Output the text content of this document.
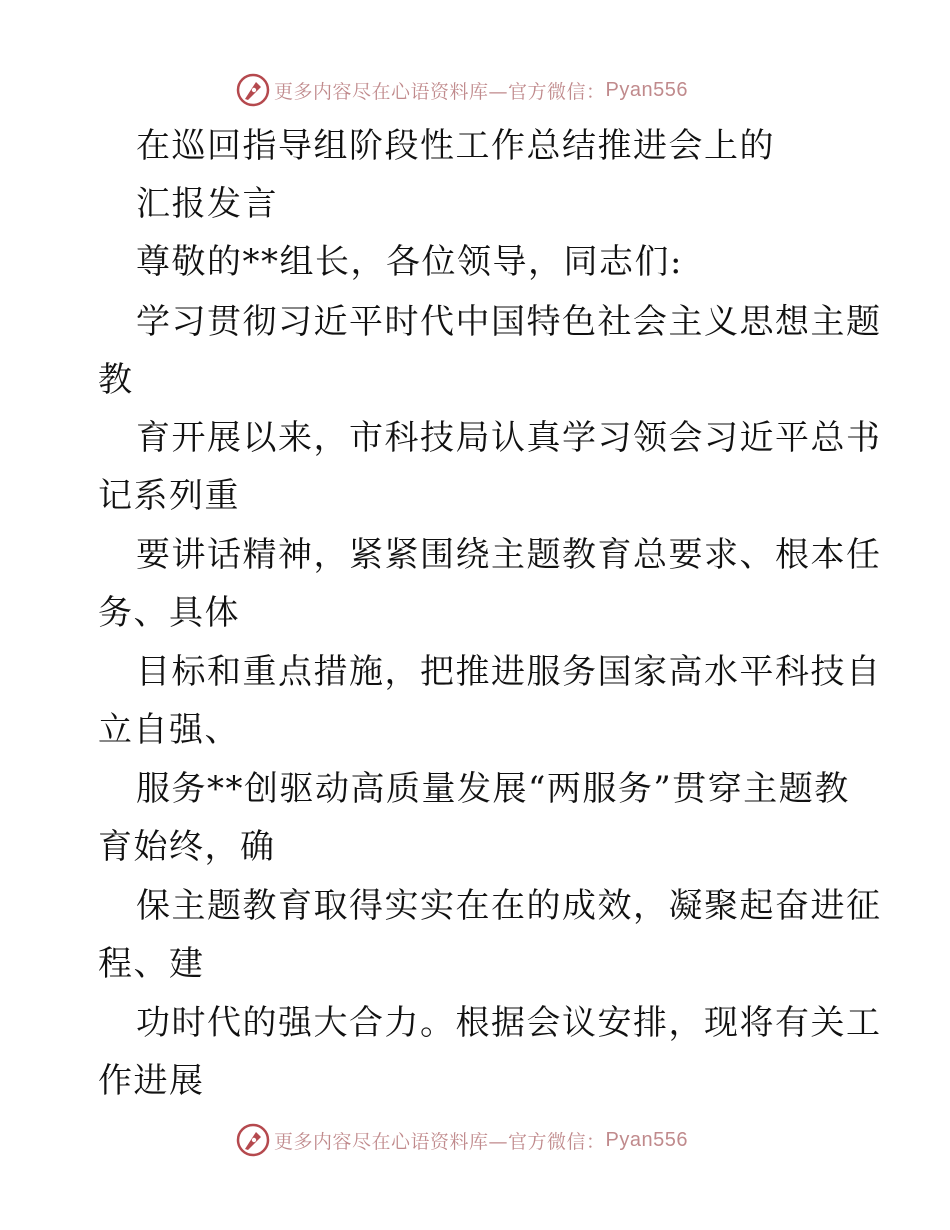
更多内容尽在心语资料库—官方微信： Pyan556

在巡回指导组阶段性工作总结推进会上的

汇报发言

尊敬的**组长，各位领导，同志们:

学习贯彻习近平时代中国特色社会主义思想主题

教

育开展以来，市科技局认真学习领会习近平总书

记系列重

要讲话精神，紧紧围绕主题教育总要求、根本任

务、具体

目标和重点措施，把推进服务国家高水平科技自

立自强、

服务**创驱动高质量发展“两服务”贯穿主题教

育始终，确

保主题教育取得实实在在的成效，凝聚起奋进征

程、建

功时代的强大合力。根据会议安排，现将有关工

作进展

更多内容尽在心语资料库—官方微信： Pyan556
